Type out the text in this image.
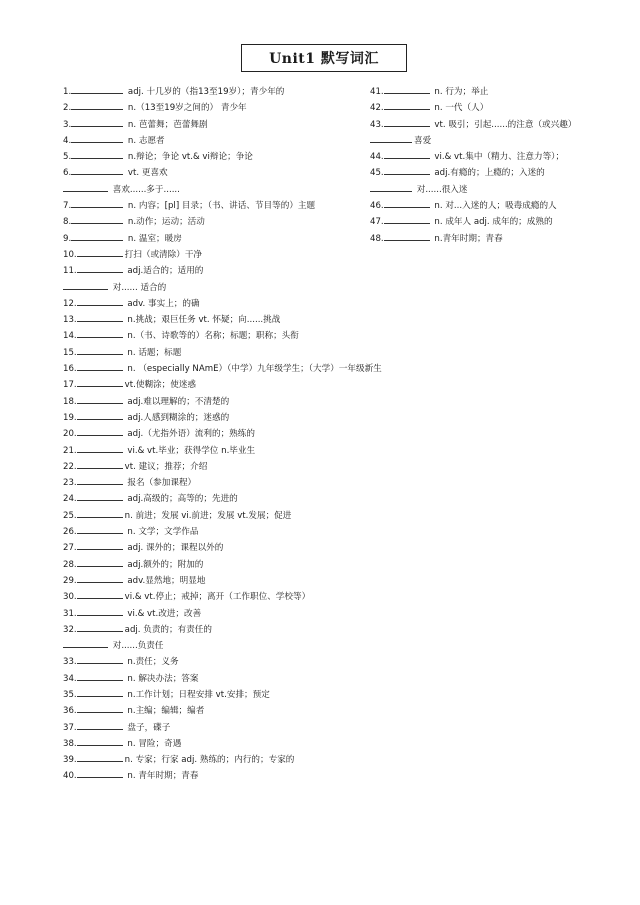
Unit1 默写词汇
1.	adj. 十几岁的（指13至19岁）；青少年的
2.	n.（13至19岁之间的） 青少年
3.	n. 芭蕾舞；芭蕾舞剧
4.	n. 志愿者
5.	n.辩论；争论 vt.& vi辩论；争论
6.	vt. 更喜欢
喜欢......多于......
7.	n. 内容；[pl] 目录；（书、讲话、节目等的）主题
8.	n.动作；运动；活动
9.	n. 温室；暖房
10.	打扫（或清除）干净
11.	adj.适合的；适用的
对...... 适合的
12.	adv. 事实上；的确
13.	n.挑战；艰巨任务 vt. 怀疑；向......挑战
14.	n.（书、诗歌等的）名称；标题；职称；头衔
15.	n. 话题；标题
16.	n. （especially NAmE）（中学）九年级学生；（大学）一年级新生
17.	vt.使糊涂；使迷惑
18.	adj.难以理解的；不清楚的
19.	adj.人感到糊涂的；迷惑的
20.	adj.（尤指外语）流利的；熟练的
21.	vi.& vt.毕业；获得学位 n.毕业生
22.	vt. 建议；推荐；介绍
23.	报名（参加课程）
24.	adj.高级的；高等的；先进的
25.	n. 前进；发展 vi.前进；发展 vt.发展；促进
26.	n. 文学；文学作品
27.	adj. 课外的；课程以外的
28.	adj.额外的；附加的
29.	adv.显然地；明显地
30.	vi.& vt.停止；戒掉；离开（工作职位、学校等）
31.	vi.& vt.改进；改善
32.	adj. 负责的；有责任的
对......负责任
33.	n.责任；义务
34.	n. 解决办法；答案
35.	n.工作计划；日程安排 vt.安排；预定
36.	n.主编；编辑；编者
37.	盘子，碟子
38.	n. 冒险；奇遇
39.	n. 专家；行家 adj. 熟练的；内行的；专家的
40.	n. 青年时期；青春
41.	n. 行为；举止
42.	n. 一代（人）
43.	vt. 吸引；引起......的注意（或兴趣）
喜爱
44.	vi.& vt.集中（精力、注意力等）；
45.	adj.有瘾的；上瘾的；入迷的
对......很入迷
46.	n. 对...入迷的人；吸毒成瘾的人
47.	n. 成年人 adj. 成年的；成熟的
48.	n.青年时期；青春
